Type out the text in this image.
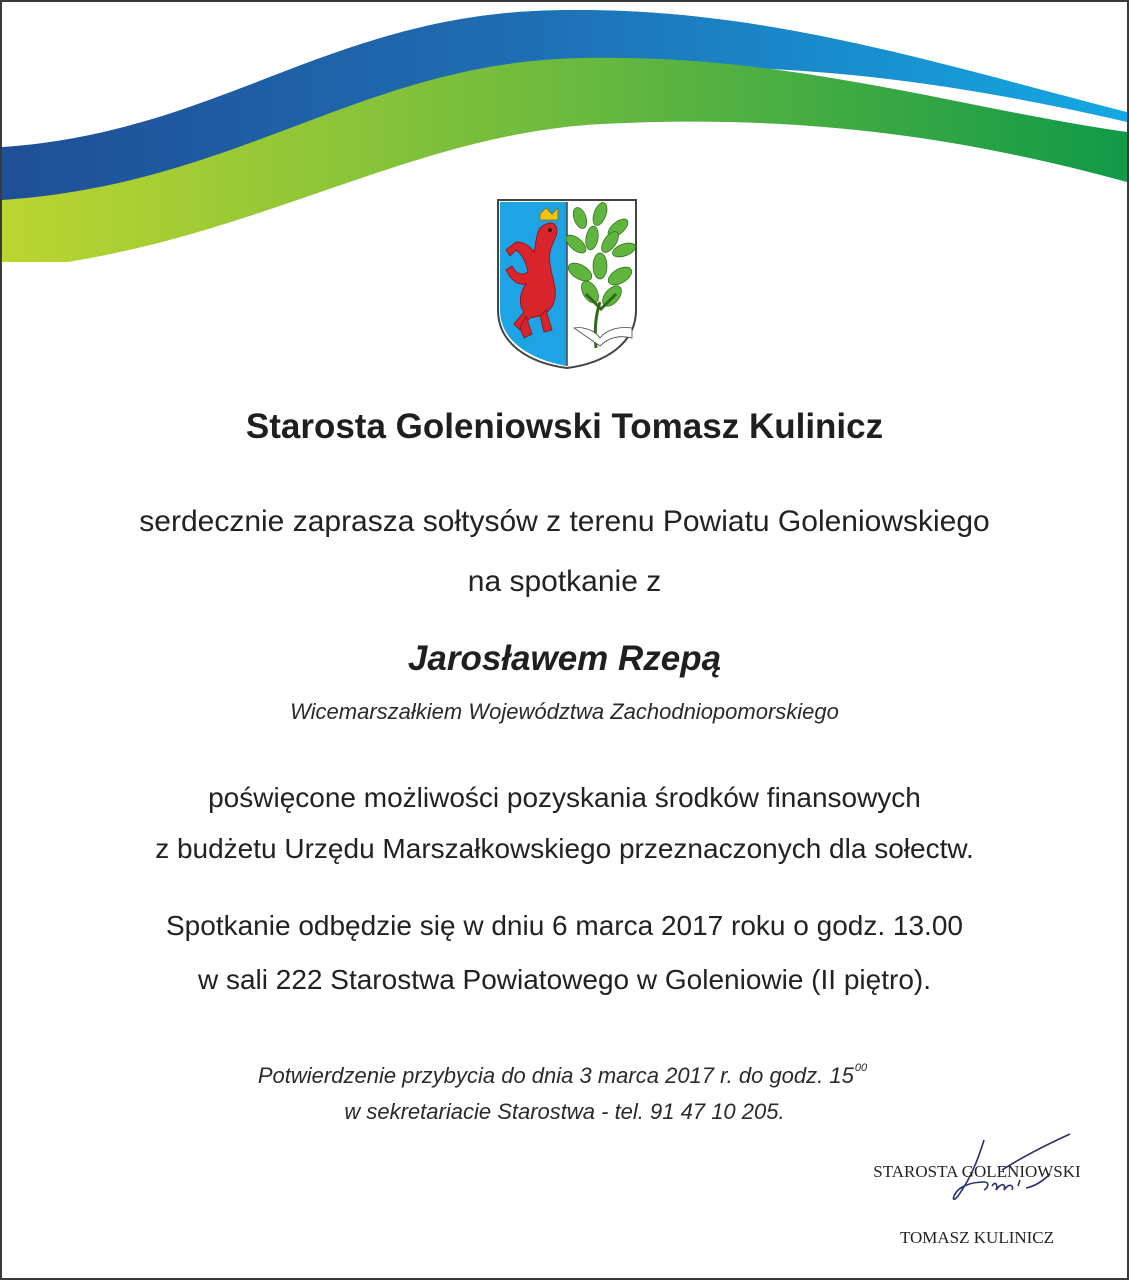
Starosta Goleniowski Tomasz Kulinicz
serdecznie zaprasza sołtysów z terenu Powiatu Goleniowskiego
na spotkanie z
Jarosławem Rzepą
Wicemarszałkiem Województwa Zachodniopomorskiego
poświęcone możliwości pozyskania środków finansowych
z budżetu Urzędu Marszałkowskiego przeznaczonych dla sołectw.
Spotkanie odbędzie się w dniu 6 marca 2017 roku o godz. 13.00
w sali 222 Starostwa Powiatowego w Goleniowie (II piętro).
Potwierdzenie przybycia do dnia 3 marca 2017 r. do godz. $15^{00}$
w sekretariacie Starostwa - tel. 91 47 10 205.
STAROSTA GOLENIOWSKI
TOMASZ KULINICZ
